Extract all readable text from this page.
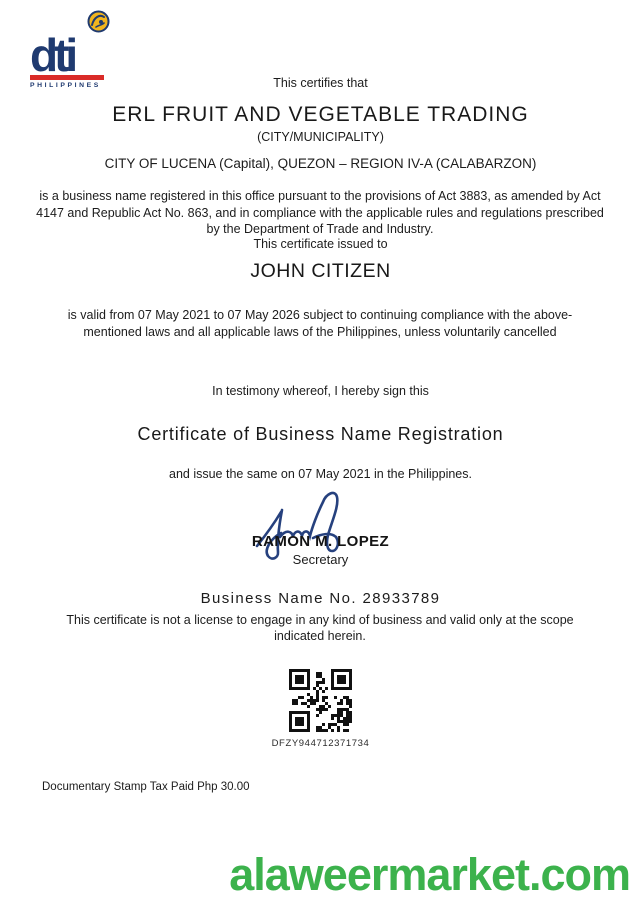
dti
PHILIPPINES	This certifies that
ERL FRUIT AND VEGETABLE TRADING
(CITY/MUNICIPALITY)
CITY OF LUCENA (Capital), QUEZON – REGION IV-A (CALABARZON)
is a business name registered in this office pursuant to the provisions of Act 3883, as amended by Act 4147 and Republic Act No. 863, and in compliance with the applicable rules and regulations prescribed by the Department of Trade and Industry.
This certificate issued to
JOHN CITIZEN
is valid from 07 May 2021 to 07 May 2026 subject to continuing compliance with the above-mentioned laws and all applicable laws of the Philippines, unless voluntarily cancelled
In testimony whereof, I hereby sign this
Certificate of Business Name Registration
and issue the same on 07 May 2021 in the Philippines.
RAMON M. LOPEZ
Secretary
Business Name No. 28933789
This certificate is not a license to engage in any kind of business and valid only at the scope indicated herein.
DFZY944712371734
Documentary Stamp Tax Paid Php 30.00
alaweermarket.com
